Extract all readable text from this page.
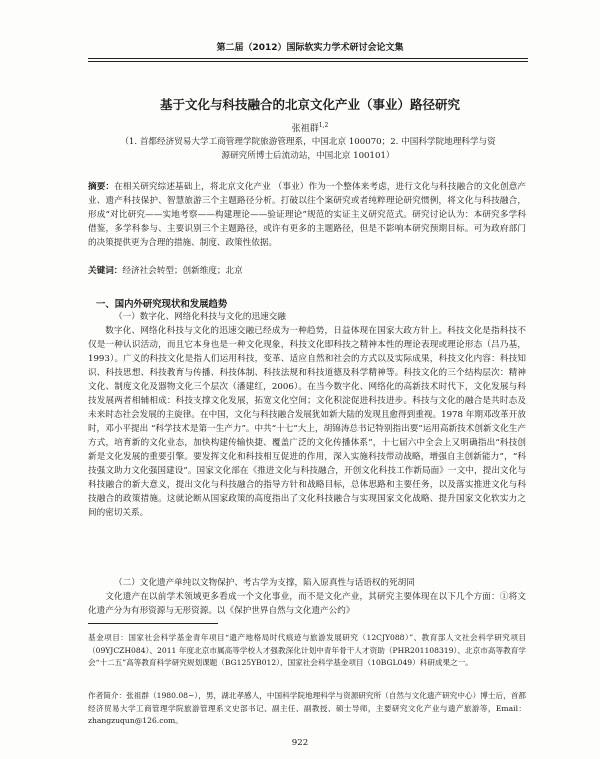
第二届（2012）国际软实力学术研讨会论文集
基于文化与科技融合的北京文化产业（事业）路径研究
张祖群$^{1,2}$
（1. 首都经济贸易大学工商管理学院旅游管理系，中国北京 100070；2. 中国科学院地理科学与资源研究所博士后流动站，中国北京 100101）
摘要：在相关研究综述基础上，将北京文化产业 （事业）作为一个整体来考虑，进行文化与科技融合的文化创意产业、遗产科技保护、智慧旅游三个主题路径分析。打破以往个案研究或者纯粹理论研究惯例，将文化与科技融合，形成“对比研究——实地考察——构建理论——验证理论”规范的实证主义研究范式。研究讨论认为：本研究多学科借鉴，多学科参与、主要识别三个主题路径，或许有更多的主题路径，但是不影响本研究预期目标。可为政府部门的决策提供更为合理的措施、制度、政策性依据。
关键词：经济社会转型；创新维度；北京
一、国内外研究现状和发展趋势
（一）数字化、网络化科技与文化的迅速交融
数字化、网络化科技与文化的迅速交融已经成为一种趋势，日益体现在国家大政方针上。科技文化是指科技不仅是一种认识活动，而且它本身也是一种文化现象，科技文化即科技之精神本性的理论表现或理论形态（吕乃基，1993）。广义的科技文化是指人们运用科技，变革、适应自然和社会的方式以及实际成果，科技文化内容：科技知识、科技思想、科技教育与传播、科技体制、科技法规和科技道德及科学精神等。科技文化的三个结构层次：精神文化、制度文化及器物文化三个层次（潘建红，2006）。在当今数字化、网络化的高新技术时代下，文化发展与科技发展两者相辅相成：科技支撑文化发展，拓宽文化空间；文化积淀促进科技进步。科技与文化的融合是共时态及未来时态社会发展的主旋律。在中国，文化与科技融合发展犹如新大陆的发现且愈得到重视。1978 年期邓改革开放时，邓小平提出 “科学技术是第一生产力”。中共“十七”大上，胡锦涛总书记特别指出要“运用高新技术创新文化生产方式，培育新的文化业态，加快构建传输快捷、覆盖广泛的文化传播体系”，十七届六中全会上又明确指出“科技创新是文化发展的重要引擎。要发挥文化和科技相互促进的作用，深入实施科技带动战略，增强自主创新能力”，“科技强文助力文化强国建设”。国家文化部在《推进文化与科技融合，开创文化科技工作新局面》一文中，提出文化与科技融合的新大意义，提出文化与科技融合的指导方针和战略目标，总体思路和主要任务，以及落实推进文化与科技融合的政策措施。这就论断从国家政策的高度指出了文化科技融合与实现国家文化战略、提升国家文化软实力之间的密切关系。
（二）文化遗产单纯以文物保护、考古学为支撑，陷入原真性与话语权的死胡同
文化遗产在以前学术领域更多看成一个文化事业，而不是文化产业，其研究主要体现在以下几个方面：①将文化遗产分为有形资源与无形资源。以《保护世界自然与文化遗产公约》
基金项目：国家社会科学基金青年项目“遗产地格局时代痕迹与旅游发展研究（12CJY088）”、教育部人文社会科学研究项目（09YJCZH084）、2011 年度北京市属高等学校人才强教深化计划中青年骨干人才资助（PHR201108319）、北京市高等教育学会“十二五”高等教育科学研究规划课题（BG125YB012）、国家社会科学基金项目（10BGL049）科研成果之一。
作者简介：张祖群（1980.08~），男，湖北孝感人，中国科学院地理科学与资源研究所（自然与文化遗产研究中心）博士后，首都经济贸易大学工商管理学院旅游管理系文史部书记、副主任、副教授、硕士导师，主要研究文化产业与遗产旅游等，Email：zhangzuqun@126.com。
922
